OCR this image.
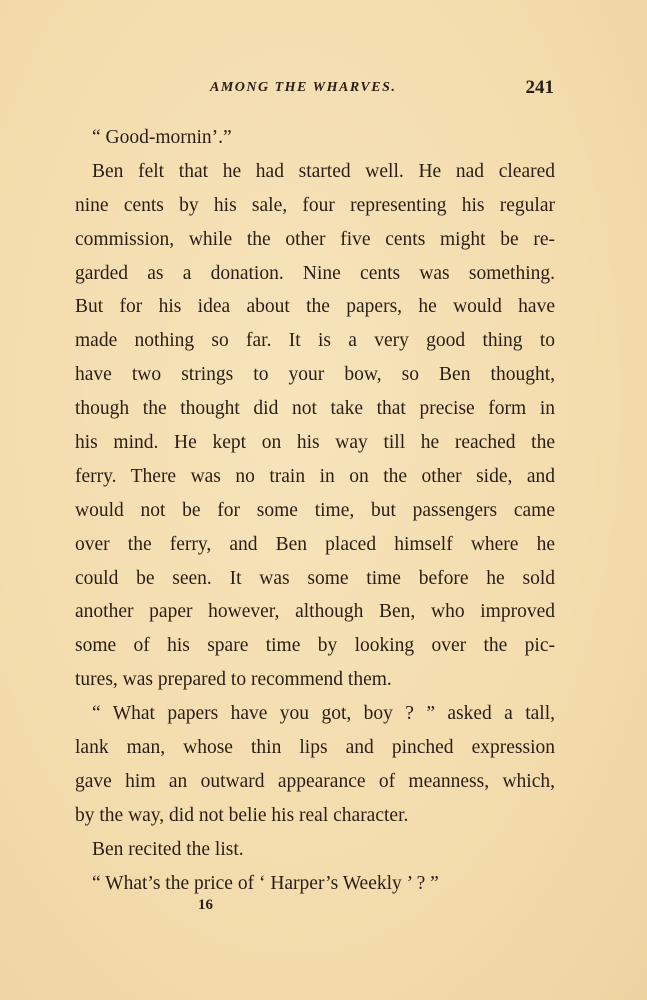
AMONG THE WHARVES.	241
“ Good-mornin’.”
Ben felt that he had started well. He nad cleared
nine cents by his sale, four representing his regular
commission, while the other five cents might be re-
garded as a donation. Nine cents was something.
But for his idea about the papers, he would have
made nothing so far. It is a very good thing to
have two strings to your bow, so Ben thought,
though the thought did not take that precise form in
his mind. He kept on his way till he reached the
ferry. There was no train in on the other side, and
would not be for some time, but passengers came
over the ferry, and Ben placed himself where he
could be seen. It was some time before he sold
another paper however, although Ben, who improved
some of his spare time by looking over the pic-
tures, was prepared to recommend them.
“ What papers have you got, boy ? ” asked a tall,
lank man, whose thin lips and pinched expression
gave him an outward appearance of meanness, which,
by the way, did not belie his real character.
Ben recited the list.
“ What’s the price of ‘ Harper’s Weekly ’ ? ”
16
